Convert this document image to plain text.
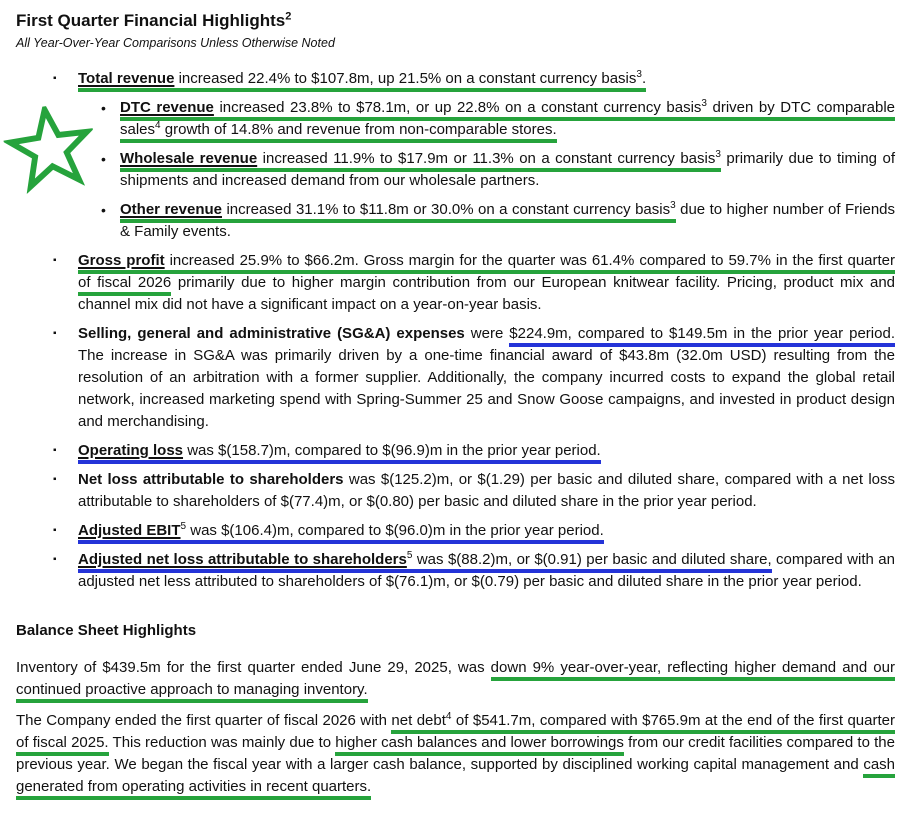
First Quarter Financial Highlights$^2$
All Year-Over-Year Comparisons Unless Otherwise Noted
▪ Total revenue increased 22.4% to $107.8m, up 21.5% on a constant currency basis$^3$.
• DTC revenue increased 23.8% to $78.1m, or up 22.8% on a constant currency basis$^3$ driven by DTC comparable sales$^4$ growth of 14.8% and revenue from non-comparable stores.
• Wholesale revenue increased 11.9% to $17.9m or 11.3% on a constant currency basis$^3$ primarily due to timing of shipments and increased demand from our wholesale partners.
• Other revenue increased 31.1% to $11.8m or 30.0% on a constant currency basis$^3$ due to higher number of Friends & Family events.
▪ Gross profit increased 25.9% to $66.2m. Gross margin for the quarter was 61.4% compared to 59.7% in the first quarter of fiscal 2026 primarily due to higher margin contribution from our European knitwear facility. Pricing, product mix and channel mix did not have a significant impact on a year-on-year basis.
▪ Selling, general and administrative (SG&A) expenses were $224.9m, compared to $149.5m in the prior year period. The increase in SG&A was primarily driven by a one-time financial award of $43.8m (32.0m USD) resulting from the resolution of an arbitration with a former supplier. Additionally, the company incurred costs to expand the global retail network, increased marketing spend with Spring-Summer 25 and Snow Goose campaigns, and invested in product design and merchandising.
▪ Operating loss was $(158.7)m, compared to $(96.9)m in the prior year period.
▪ Net loss attributable to shareholders was $(125.2)m, or $(1.29) per basic and diluted share, compared with a net loss attributable to shareholders of $(77.4)m, or $(0.80) per basic and diluted share in the prior year period.
▪ Adjusted EBIT$^5$ was $(106.4)m, compared to $(96.0)m in the prior year period.
▪ Adjusted net loss attributable to shareholders$^5$ was $(88.2)m, or $(0.91) per basic and diluted share, compared with an adjusted net less attributed to shareholders of $(76.1)m, or $(0.79) per basic and diluted share in the prior year period.
Balance Sheet Highlights
Inventory of $439.5m for the first quarter ended June 29, 2025, was down 9% year-over-year, reflecting higher demand and our continued proactive approach to managing inventory.
The Company ended the first quarter of fiscal 2026 with net debt$^4$ of $541.7m, compared with $765.9m at the end of the first quarter of fiscal 2025. This reduction was mainly due to higher cash balances and lower borrowings from our credit facilities compared to the previous year. We began the fiscal year with a larger cash balance, supported by disciplined working capital management and cash generated from operating activities in recent quarters.
